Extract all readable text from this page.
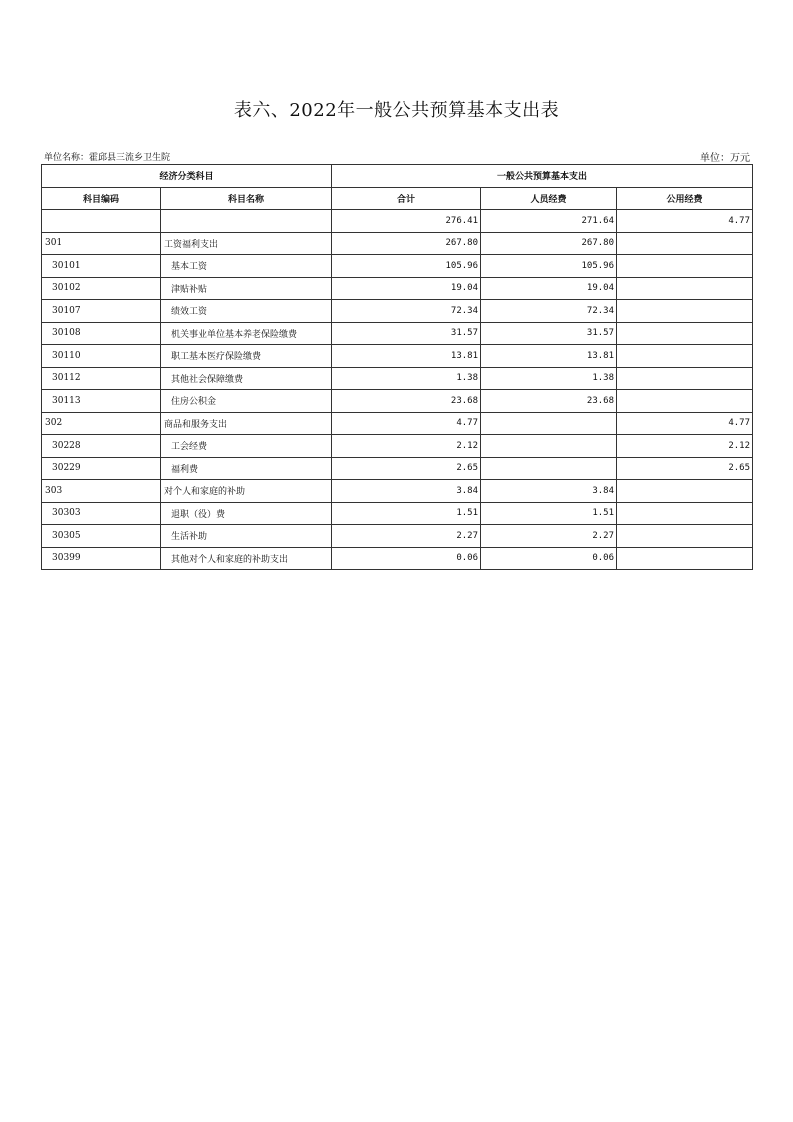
表六、2022年一般公共预算基本支出表
单位名称：霍邱县三流乡卫生院	单位：万元
经济分类科目		一般公共预算基本支出		
科目编码	科目名称	合计	人员经费	公用经费
		276.41	271.64	4.77
301	工资福利支出	267.80	267.80	
30101	基本工资	105.96	105.96	
30102	津贴补贴	19.04	19.04	
30107	绩效工资	72.34	72.34	
30108	机关事业单位基本养老保险缴费	31.57	31.57	
30110	职工基本医疗保险缴费	13.81	13.81	
30112	其他社会保障缴费	1.38	1.38	
30113	住房公积金	23.68	23.68	
302	商品和服务支出	4.77		4.77
30228	工会经费	2.12		2.12
30229	福利费	2.65		2.65
303	对个人和家庭的补助	3.84	3.84	
30303	退职（役）费	1.51	1.51	
30305	生活补助	2.27	2.27	
30399	其他对个人和家庭的补助支出	0.06	0.06	
